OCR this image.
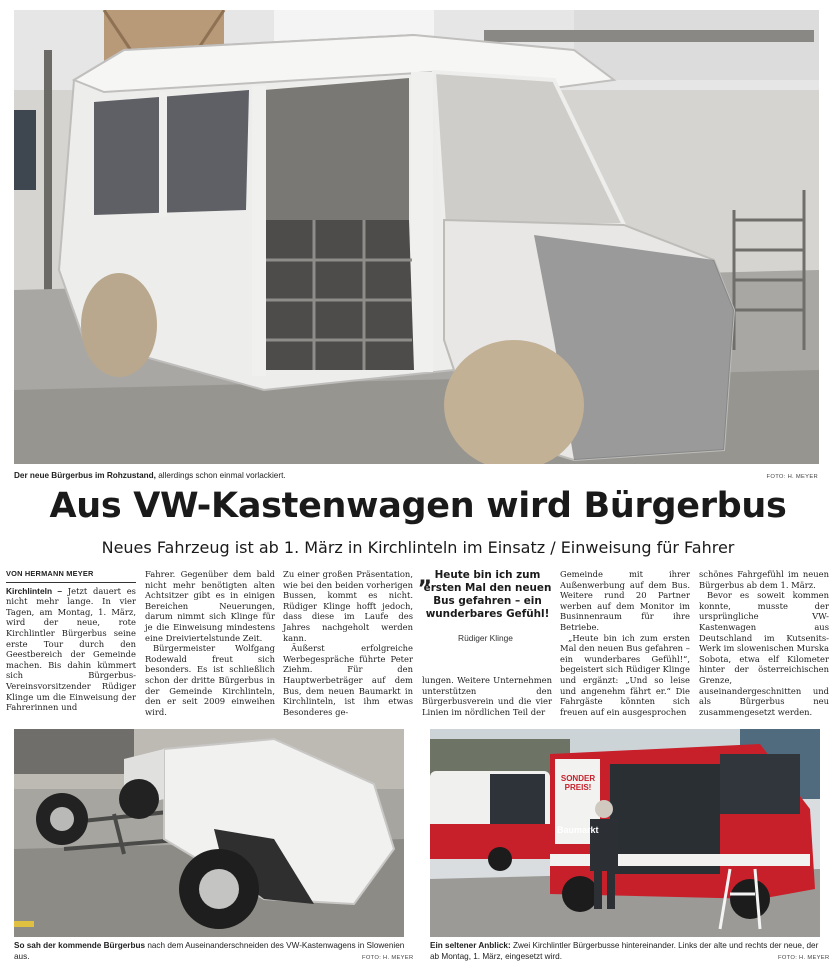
Der neue Bürgerbus im Rohzustand, allerdings schon einmal vorlackiert.	FOTO: H. MEYER
Aus VW-Kastenwagen wird Bürgerbus
Neues Fahrzeug ist ab 1. März in Kirchlinteln im Einsatz / Einweisung für Fahrer
VON HERMANN MEYER

Kirchlinteln – Jetzt dauert es nicht mehr lange. In vier Tagen, am Montag, 1. März, wird der neue, rote Kirchlintler Bürgerbus seine erste Tour durch den Geestbereich der Gemeinde machen. Bis dahin kümmert sich Bürgerbus-Vereinsvorsitzender Rüdiger Klinge um die Einweisung der Fahrerinnen und

Fahrer. Gegenüber dem bald nicht mehr benötigten alten Achtsitzer gibt es in einigen Bereichen Neuerungen, darum nimmt sich Klinge für je die Einweisung mindestens eine Dreiviertelstunde Zeit.

Bürgermeister Wolfgang Rodewald freut sich besonders. Es ist schließlich schon der dritte Bürgerbus in der Gemeinde Kirchlinteln, den er seit 2009 einweihen wird.

Zu einer großen Präsentation, wie bei den beiden vorherigen Bussen, kommt es nicht. Rüdiger Klinge hofft jedoch, dass diese im Laufe des Jahres nachgeholt werden kann.

Äußerst erfolgreiche Werbegespräche führte Peter Ziehm. Für den Hauptwerbeträger auf dem Bus, dem neuen Baumarkt in Kirchlinteln, ist ihm etwas Besonderes ge-

„ Heute bin ich zum ersten Mal den neuen Bus gefahren – ein wunderbares Gefühl!
Rüdiger Klinge

lungen. Weitere Unternehmen unterstützen den Bürgerbusverein und die vier Linien im nördlichen Teil der

Gemeinde mit ihrer Außenwerbung auf dem Bus. Weitere rund 20 Partner werben auf dem Monitor im Businnenraum für ihre Betriebe.

„Heute bin ich zum ersten Mal den neuen Bus gefahren – ein wunderbares Gefühl!“, begeistert sich Rüdiger Klinge und ergänzt: „Und so leise und angenehm fährt er.“ Die Fahrgäste könnten sich freuen auf ein ausgesprochen

schönes Fahrgefühl im neuen Bürgerbus ab dem 1. März.

Bevor es soweit kommen konnte, musste der ursprüngliche VW-Kastenwagen aus Deutschland im Kutsenits-Werk im slowenischen Murska Sobota, etwa elf Kilometer hinter der österreichischen Grenze, auseinandergeschnitten und als Bürgerbus neu zusammengesetzt werden.

So sah der kommende Bürgerbus nach dem Auseinanderschneiden des VW-Kastenwagens in Slowenien aus.	FOTO: H. MEYER
SONDER PREIS!
Baumarkt
Ein seltener Anblick: Zwei Kirchlintler Bürgerbusse hintereinander. Links der alte und rechts der neue, der ab Montag, 1. März, eingesetzt wird.	FOTO: H. MEYER
